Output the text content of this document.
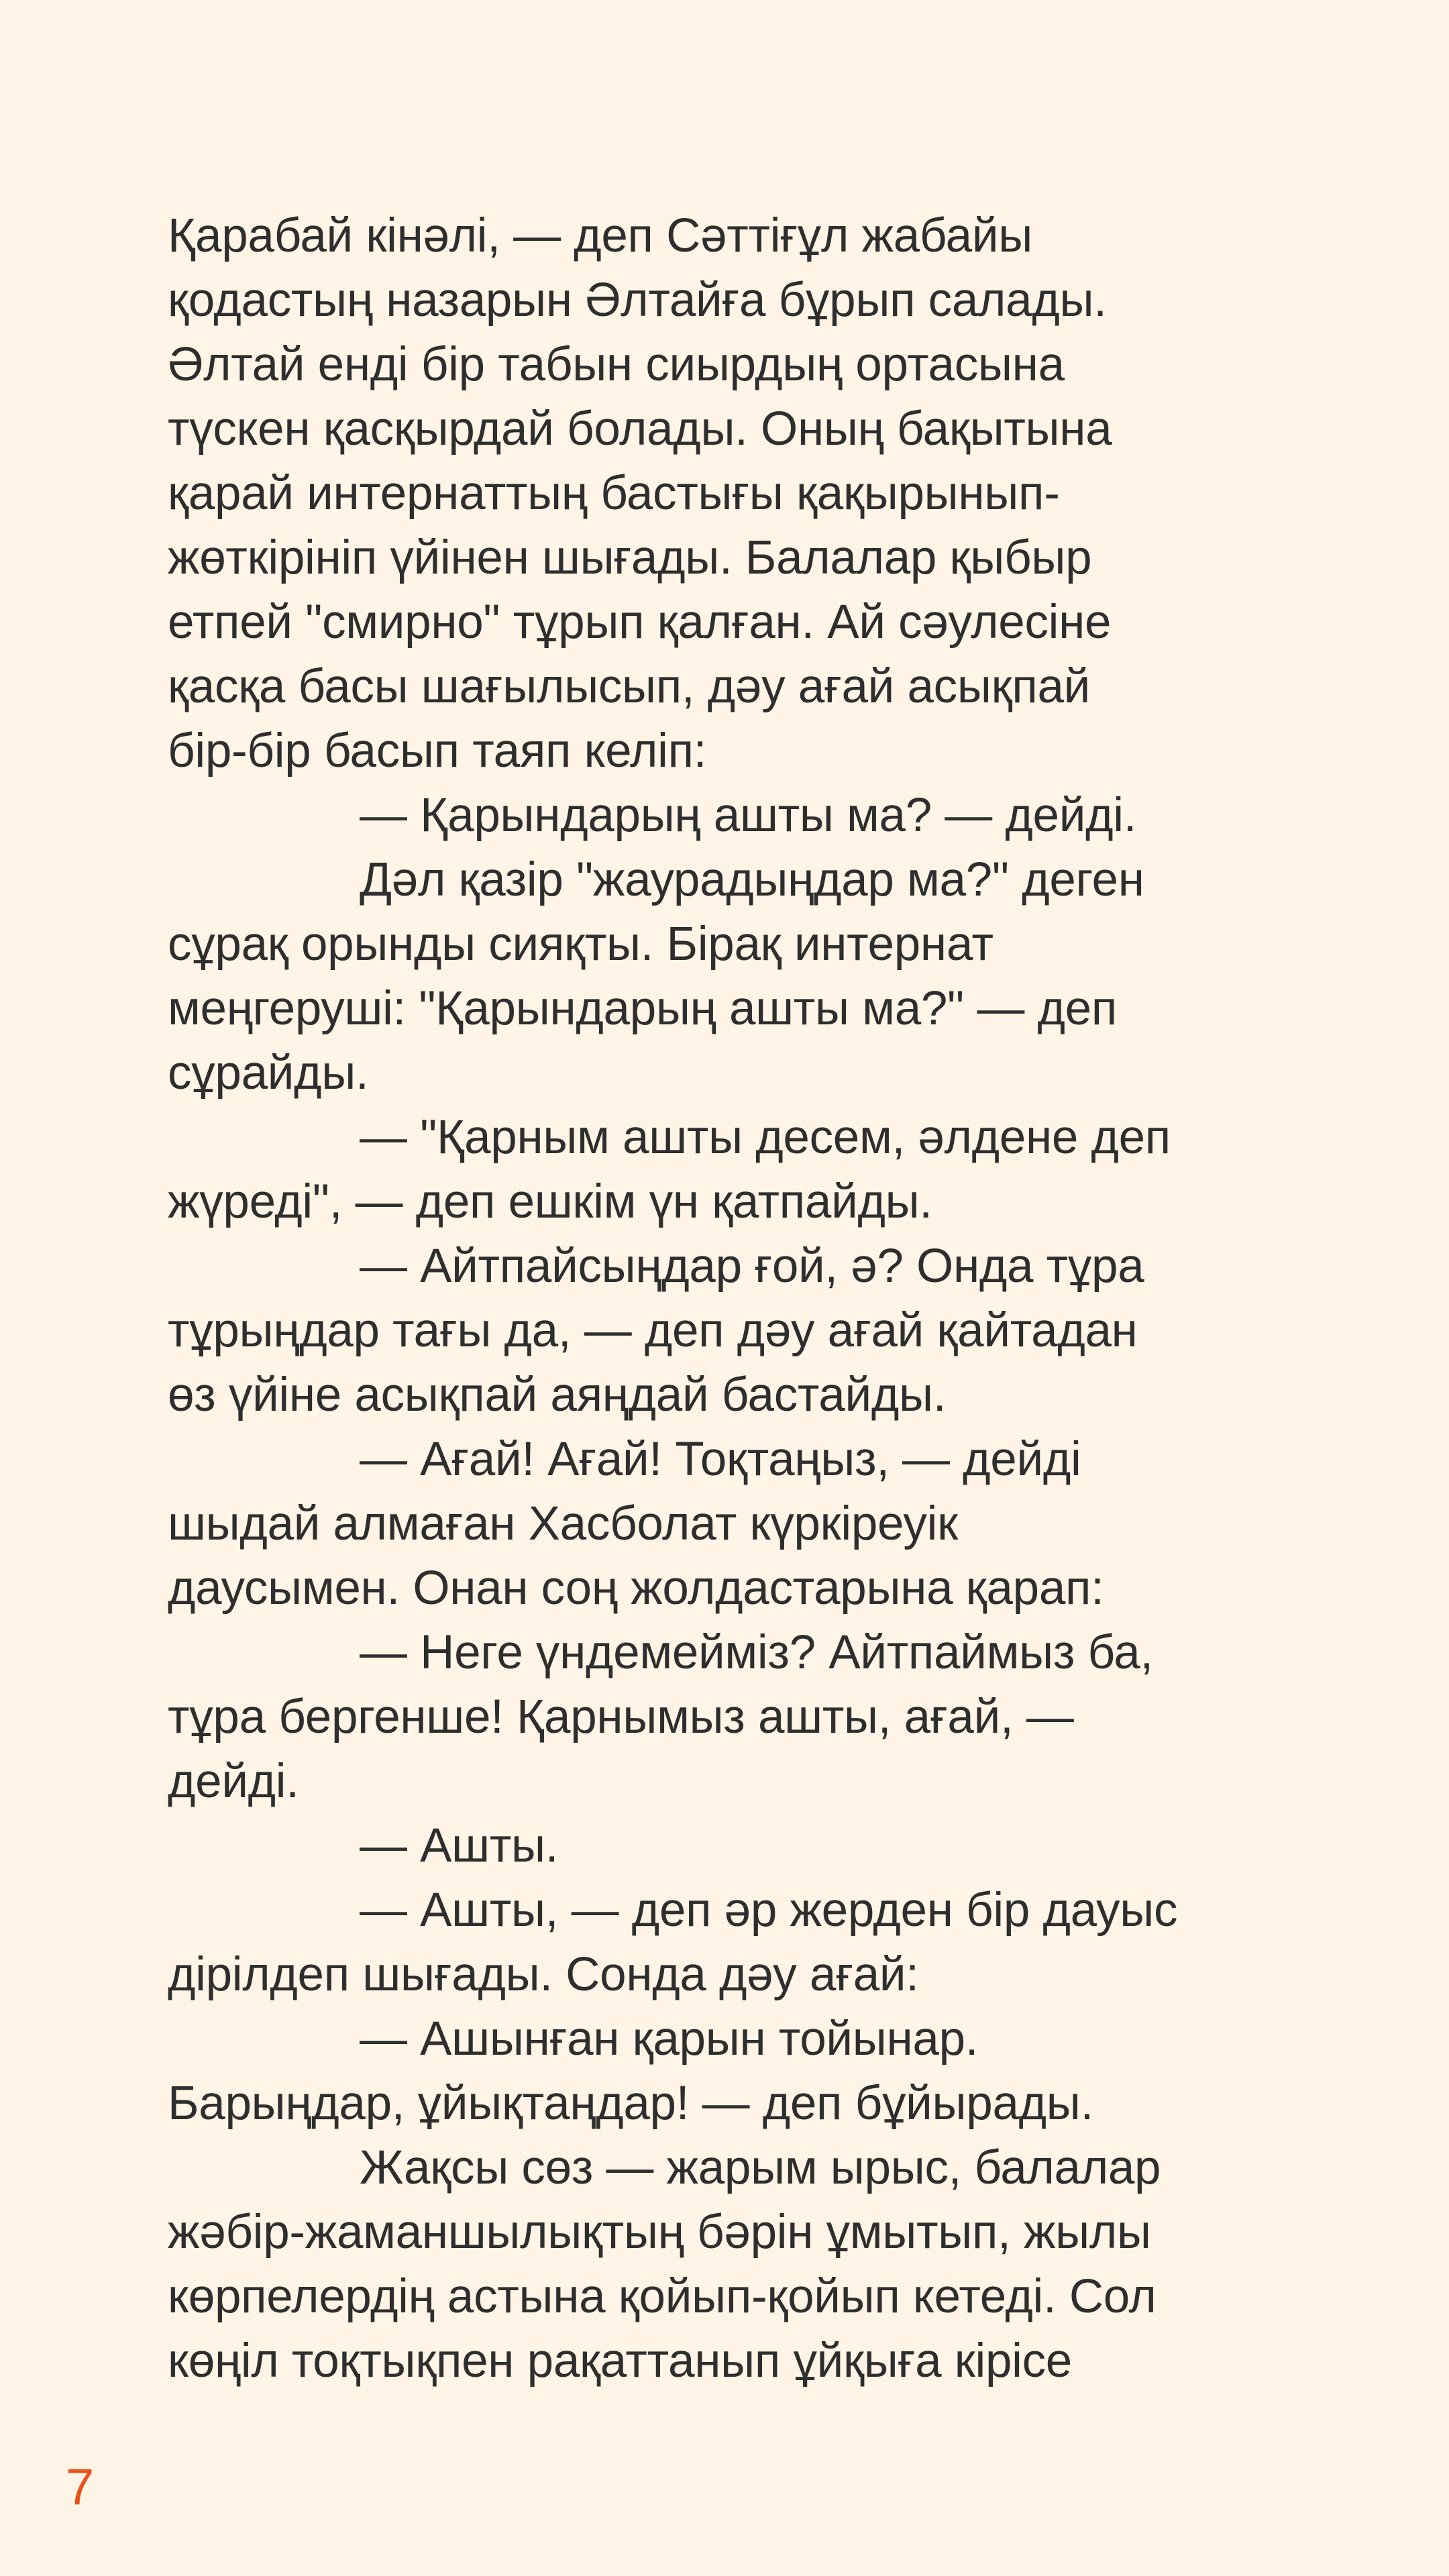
Қарабай кінәлі, — деп Сәттіғұл жабайы
қодастың назарын Әлтайға бұрып салады.
Әлтай енді бір табын сиырдың ортасына
түскен қасқырдай болады. Оның бақытына
қарай интернаттың бастығы қақырынып-
жөткірініп үйінен шығады. Балалар қыбыр
етпей "смирно" тұрып қалған. Ай сәулесіне
қасқа басы шағылысып, дәу ағай асықпай
бір-бір басып таяп келіп:
— Қарындарың ашты ма? — дейді.
Дәл қазір "жаурадыңдар ма?" деген
сұрақ орынды сияқты. Бірақ интернат
меңгеруші: "Қарындарың ашты ма?" — деп
сұрайды.
— "Қарным ашты десем, әлдене деп
жүреді", — деп ешкім үн қатпайды.
— Айтпайсыңдар ғой, ә? Онда тұра
тұрыңдар тағы да, — деп дәу ағай қайтадан
өз үйіне асықпай аяңдай бастайды.
— Ағай! Ағай! Тоқтаңыз, — дейді
шыдай алмаған Хасболат күркіреуік
даусымен. Онан соң жолдастарына қарап:
— Неге үндемейміз? Айтпаймыз ба,
тұра бергенше! Қарнымыз ашты, ағай, —
дейді.
— Ашты.
— Ашты, — деп әр жерден бір дауыс
дірілдеп шығады. Сонда дәу ағай:
— Ашынған қарын тойынар.
Барыңдар, ұйықтаңдар! — деп бұйырады.
Жақсы сөз — жарым ырыс, балалар
жәбір-жаманшылықтың бәрін ұмытып, жылы
көрпелердің астына қойып-қойып кетеді. Сол
көңіл тоқтықпен рақаттанып ұйқыға кірісе
7
